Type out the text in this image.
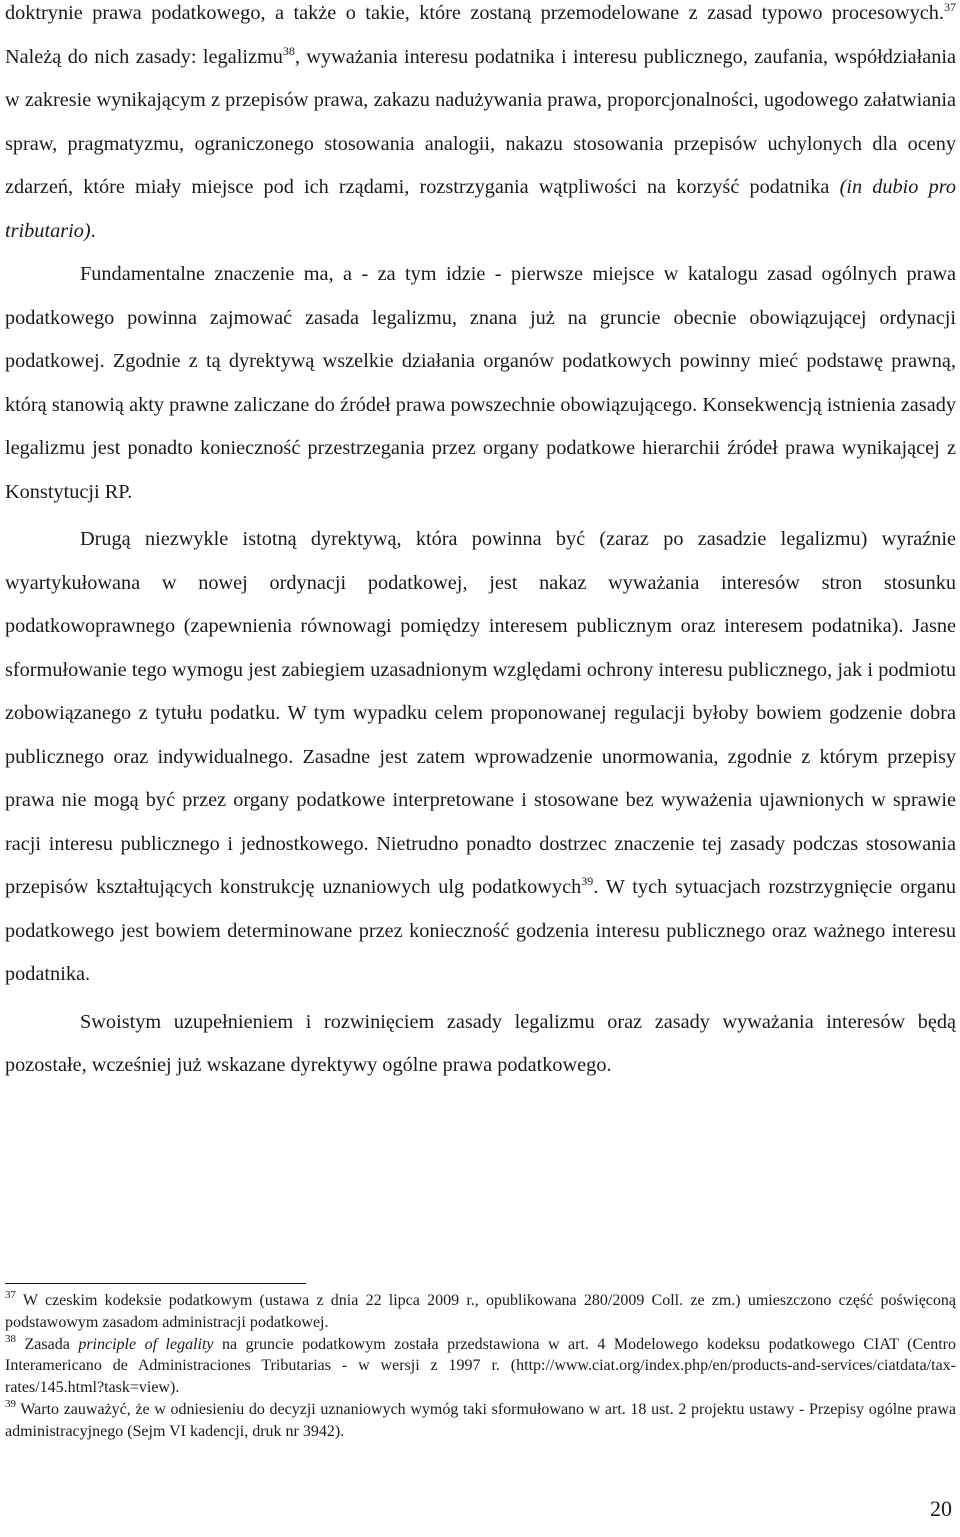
doktrynie prawa podatkowego, a także o takie, które zostaną przemodelowane z zasad typowo procesowych.$^{37}$ Należą do nich zasady: legalizmu$^{38}$, wyważania interesu podatnika i interesu publicznego, zaufania, współdziałania w zakresie wynikającym z przepisów prawa, zakazu nadużywania prawa, proporcjonalności, ugodowego załatwiania spraw, pragmatyzmu, ograniczonego stosowania analogii, nakazu stosowania przepisów uchylonych dla oceny zdarzeń, które miały miejsce pod ich rządami, rozstrzygania wątpliwości na korzyść podatnika (in dubio pro tributario).

Fundamentalne znaczenie ma, a - za tym idzie - pierwsze miejsce w katalogu zasad ogólnych prawa podatkowego powinna zajmować zasada legalizmu, znana już na gruncie obecnie obowiązującej ordynacji podatkowej. Zgodnie z tą dyrektywą wszelkie działania organów podatkowych powinny mieć podstawę prawną, którą stanowią akty prawne zaliczane do źródeł prawa powszechnie obowiązującego. Konsekwencją istnienia zasady legalizmu jest ponadto konieczność przestrzegania przez organy podatkowe hierarchii źródeł prawa wynikającej z Konstytucji RP.

Drugą niezwykle istotną dyrektywą, która powinna być (zaraz po zasadzie legalizmu) wyraźnie wyartykułowana w nowej ordynacji podatkowej, jest nakaz wyważania interesów stron stosunku podatkowoprawnego (zapewnienia równowagi pomiędzy interesem publicznym oraz interesem podatnika). Jasne sformułowanie tego wymogu jest zabiegiem uzasadnionym względami ochrony interesu publicznego, jak i podmiotu zobowiązanego z tytułu podatku. W tym wypadku celem proponowanej regulacji byłoby bowiem godzenie dobra publicznego oraz indywidualnego. Zasadne jest zatem wprowadzenie unormowania, zgodnie z którym przepisy prawa nie mogą być przez organy podatkowe interpretowane i stosowane bez wyważenia ujawnionych w sprawie racji interesu publicznego i jednostkowego. Nietrudno ponadto dostrzec znaczenie tej zasady podczas stosowania przepisów kształtujących konstrukcję uznaniowych ulg podatkowych$^{39}$. W tych sytuacjach rozstrzygnięcie organu podatkowego jest bowiem determinowane przez konieczność godzenia interesu publicznego oraz ważnego interesu podatnika.

Swoistym uzupełnieniem i rozwinięciem zasady legalizmu oraz zasady wyważania interesów będą pozostałe, wcześniej już wskazane dyrektywy ogólne prawa podatkowego.

$^{37}$ W czeskim kodeksie podatkowym (ustawa z dnia 22 lipca 2009 r., opublikowana 280/2009 Coll. ze zm.) umieszczono część poświęconą podstawowym zasadom administracji podatkowej.

$^{38}$ Zasada principle of legality na gruncie podatkowym została przedstawiona w art. 4 Modelowego kodeksu podatkowego CIAT (Centro Interamericano de Administraciones Tributarias - w wersji z 1997 r. (http://www.ciat.org/index.php/en/products-and-services/ciatdata/tax-rates/145.html?task=view).

$^{39}$ Warto zauważyć, że w odniesieniu do decyzji uznaniowych wymóg taki sformułowano w art. 18 ust. 2 projektu ustawy - Przepisy ogólne prawa administracyjnego (Sejm VI kadencji, druk nr 3942).

20
